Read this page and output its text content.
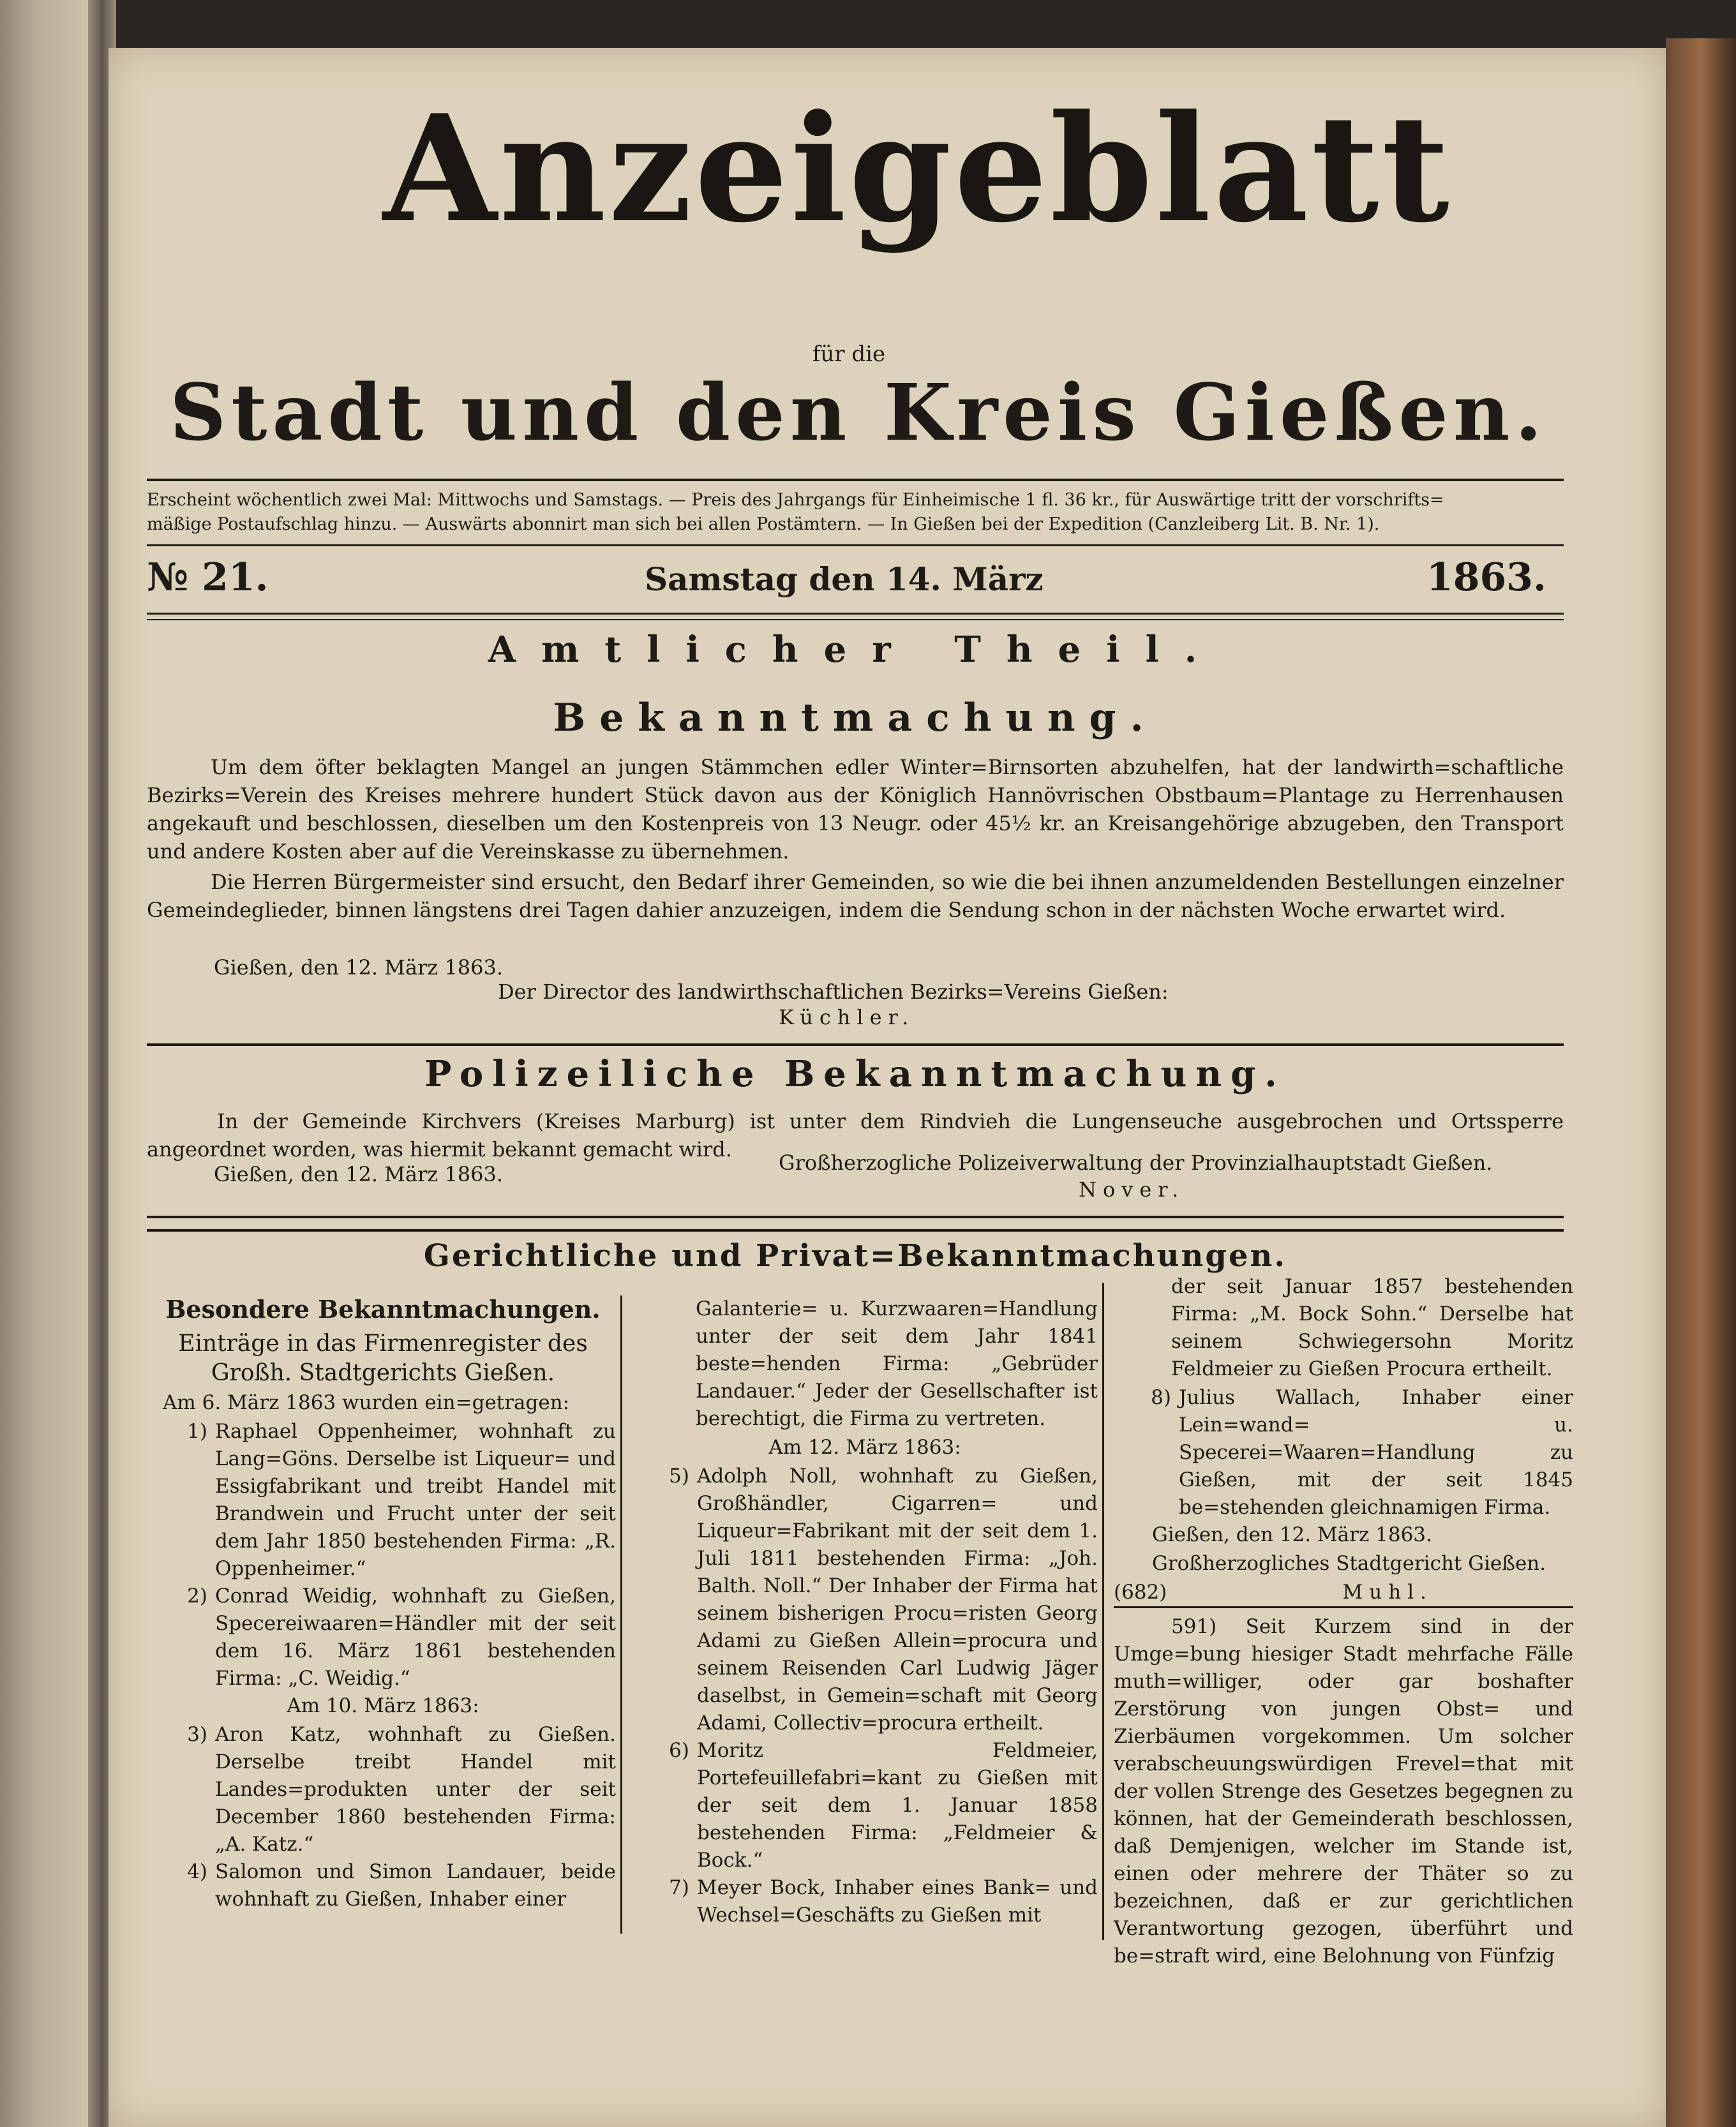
Anzeigeblatt
für die
Stadt und den Kreis Gießen.
Erscheint wöchentlich zwei Mal: Mittwochs und Samstags. — Preis des Jahrgangs für Einheimische 1 fl. 36 kr., für Auswärtige tritt der vorschrifts=
mäßige Postaufschlag hinzu. — Auswärts abonnirt man sich bei allen Postämtern. — In Gießen bei der Expedition (Canzleiberg Lit. B. Nr. 1).
№ 21.	Samstag den 14. März	1863.
Amtlicher Theil.
Bekanntmachung.
Um dem öfter beklagten Mangel an jungen Stämmchen edler Winter=Birnsorten abzuhelfen, hat der landwirth=schaftliche Bezirks=Verein des Kreises mehrere hundert Stück davon aus der Königlich Hannövrischen Obstbaum=Plantage zu Herrenhausen angekauft und beschlossen, dieselben um den Kostenpreis von 13 Neugr. oder 45½ kr. an Kreisangehörige abzugeben, den Transport und andere Kosten aber auf die Vereinskasse zu übernehmen.
Die Herren Bürgermeister sind ersucht, den Bedarf ihrer Gemeinden, so wie die bei ihnen anzumeldenden Bestellungen einzelner Gemeindeglieder, binnen längstens drei Tagen dahier anzuzeigen, indem die Sendung schon in der nächsten Woche erwartet wird.
Gießen, den 12. März 1863.
Der Director des landwirthschaftlichen Bezirks=Vereins Gießen:
Küchler.
Polizeiliche Bekanntmachung.
In der Gemeinde Kirchvers (Kreises Marburg) ist unter dem Rindvieh die Lungenseuche ausgebrochen und Ortssperre angeordnet worden, was hiermit bekannt gemacht wird.
Gießen, den 12. März 1863.	Großherzogliche Polizeiverwaltung der Provinzialhauptstadt Gießen.
Nover.
Gerichtliche und Privat=Bekanntmachungen.

Besondere Bekanntmachungen.

Einträge in das Firmenregister des Großh. Stadtgerichts Gießen.

Am 6. März 1863 wurden ein=getragen:

1) Raphael Oppenheimer, wohnhaft zu Lang=Göns. Derselbe ist Liqueur= und Essigfabrikant und treibt Handel mit Brandwein und Frucht unter der seit dem Jahr 1850 bestehenden Firma: „R. Oppenheimer.“
2) Conrad Weidig, wohnhaft zu Gießen, Specereiwaaren=Händler mit der seit dem 16. März 1861 bestehenden Firma: „C. Weidig.“

Am 10. März 1863:

3) Aron Katz, wohnhaft zu Gießen. Derselbe treibt Handel mit Landes=produkten unter der seit December 1860 bestehenden Firma: „A. Katz.“
4) Salomon und Simon Landauer, beide wohnhaft zu Gießen, Inhaber einer

Galanterie= u. Kurzwaaren=Handlung unter der seit dem Jahr 1841 beste=henden Firma: „Gebrüder Landauer.“ Jeder der Gesellschafter ist berechtigt, die Firma zu vertreten.

Am 12. März 1863:

5) Adolph Noll, wohnhaft zu Gießen, Großhändler, Cigarren= und Liqueur=Fabrikant mit der seit dem 1. Juli 1811 bestehenden Firma: „Joh. Balth. Noll.“ Der Inhaber der Firma hat seinem bisherigen Procu=risten Georg Adami zu Gießen Allein=procura und seinem Reisenden Carl Ludwig Jäger daselbst, in Gemein=schaft mit Georg Adami, Collectiv=procura ertheilt.
6) Moritz Feldmeier, Portefeuillefabri=kant zu Gießen mit der seit dem 1. Januar 1858 bestehenden Firma: „Feldmeier & Bock.“
7) Meyer Bock, Inhaber eines Bank= und Wechsel=Geschäfts zu Gießen mit

der seit Januar 1857 bestehenden Firma: „M. Bock Sohn.“ Derselbe hat seinem Schwiegersohn Moritz Feldmeier zu Gießen Procura ertheilt.

8) Julius Wallach, Inhaber einer Lein=wand= u. Specerei=Waaren=Handlung zu Gießen, mit der seit 1845 be=stehenden gleichnamigen Firma.

Gießen, den 12. März 1863.

Großherzogliches Stadtgericht Gießen.

(682)	Muhl.

591) Seit Kurzem sind in der Umge=bung hiesiger Stadt mehrfache Fälle muth=williger, oder gar boshafter Zerstörung von jungen Obst= und Zierbäumen vorgekommen. Um solcher verabscheuungswürdigen Frevel=that mit der vollen Strenge des Gesetzes begegnen zu können, hat der Gemeinderath beschlossen, daß Demjenigen, welcher im Stande ist, einen oder mehrere der Thäter so zu bezeichnen, daß er zur gerichtlichen Verantwortung gezogen, überführt und be=straft wird, eine Belohnung von Fünfzig
